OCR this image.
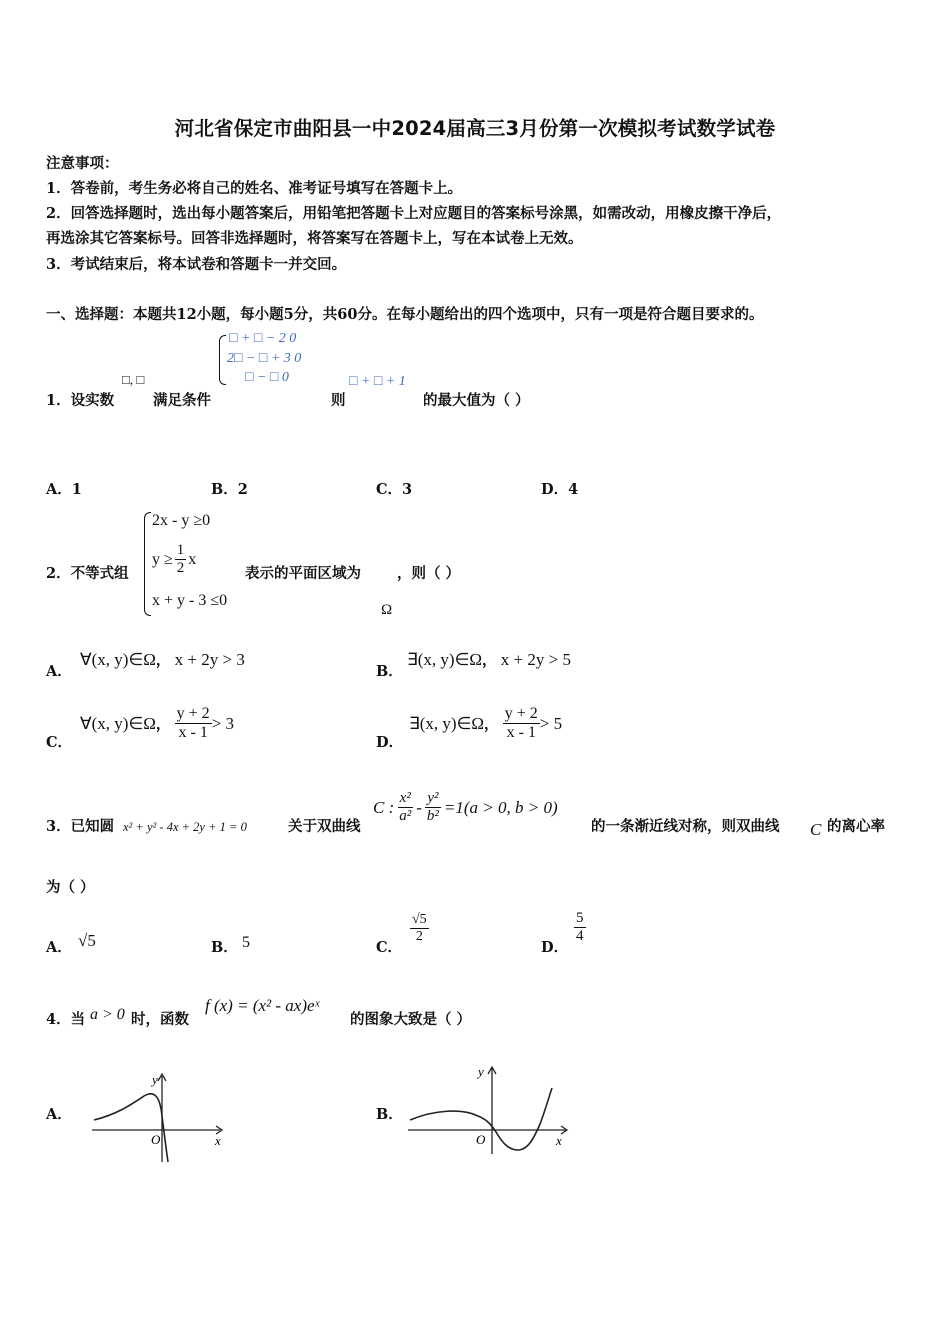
河北省保定市曲阳县一中2024届高三3月份第一次模拟考试数学试卷
注意事项：
1．答卷前，考生务必将自己的姓名、准考证号填写在答题卡上。
2．回答选择题时，选出每小题答案后，用铅笔把答题卡上对应题目的答案标号涂黑，如需改动，用橡皮擦干净后，
再选涂其它答案标号。回答非选择题时，将答案写在答题卡上，写在本试卷上无效。
3．考试结束后，将本试卷和答题卡一并交回。
一、选择题：本题共12小题，每小题5分，共60分。在每小题给出的四个选项中，只有一项是符合题目要求的。
1．设实数
□, □
满足条件
□ + □ − 2 0
2□ − □ + 3 0
□ − □ 0
则
□ + □ + 1
的最大值为（ ）
A．1	B．2	C．3	D．4
2．不等式组
2x - y ≥0
$y \ge \frac{1}{2}$ x
x + y - 3 ≤0
表示的平面区域为 ，则（ ）
Ω
A．
∀(x, y)∈Ω， x + 2y > 3
B．
∃(x, y)∈Ω， x + 2y > 5
C．
∀(x, y)∈Ω ，
$\frac{y + 2}{x - 1} > 3$
D．
∃(x, y)∈Ω ，
$\frac{y + 2}{x - 1} > 5$
3．已知圆 x² + y² - 4x + 2y + 1 = 0	关于双曲线
C : $\frac{\text{x²}}{\text{a²}} - \frac{\text{y²}}{\text{b²}} =1(a > 0$, b > 0)
的一条渐近线对称，则双曲线 C 的离心率
为（ ）
A． √5	B． 5	C．
$\frac{√5}{2}$
D．
$\frac{5}{4}$
4．当 a > 0 时，函数
f (x) = (x² - ax)eˣ
的图象大致是（ ）
A．
O	x
y
B．
O	x
y
